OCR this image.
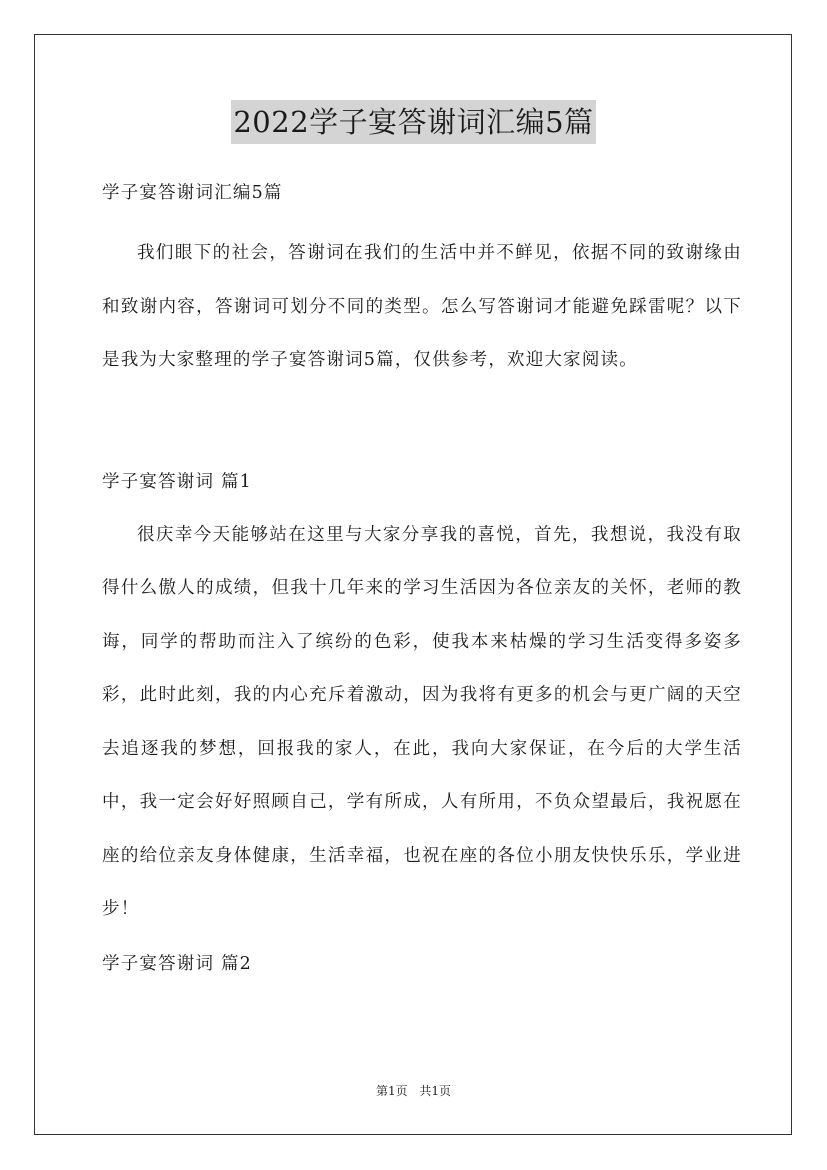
2022学子宴答谢词汇编5篇

学子宴答谢词汇编5篇

我们眼下的社会，答谢词在我们的生活中并不鲜见，依据不同的致谢缘由和致谢内容，答谢词可划分不同的类型。怎么写答谢词才能避免踩雷呢？以下是我为大家整理的学子宴答谢词5篇，仅供参考，欢迎大家阅读。

学子宴答谢词 篇1

很庆幸今天能够站在这里与大家分享我的喜悦，首先，我想说，我没有取得什么傲人的成绩，但我十几年来的学习生活因为各位亲友的关怀，老师的教诲，同学的帮助而注入了缤纷的色彩，使我本来枯燥的学习生活变得多姿多彩，此时此刻，我的内心充斥着激动，因为我将有更多的机会与更广阔的天空去追逐我的梦想，回报我的家人，在此，我向大家保证，在今后的大学生活中，我一定会好好照顾自己，学有所成，人有所用，不负众望最后，我祝愿在座的给位亲友身体健康，生活幸福，也祝在座的各位小朋友快快乐乐，学业进步！

学子宴答谢词 篇2

第1页 共1页
